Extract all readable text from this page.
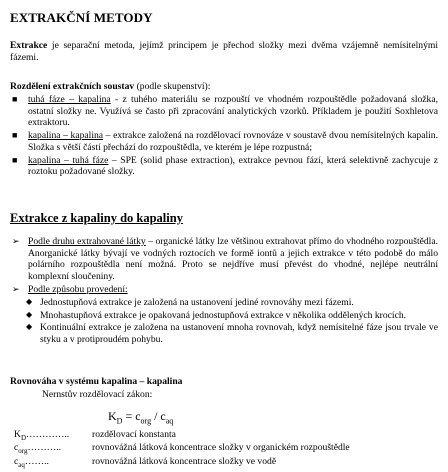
EXTRAKČNÍ METODY
Extrakce je separační metoda, jejímž principem je přechod složky mezi dvěma vzájemně nemísitelnými fázemi.
Rozdělení extrakčních soustav (podle skupenství):
■ tuhá fáze – kapalina - z tuhého materiálu se rozpouští ve vhodném rozpouštědle požadovaná složka, ostatní složky ne. Využívá se často při zpracování analytických vzorků. Příkladem je použití Soxhletova extraktoru.
■ kapalina – kapalina – extrakce založená na rozdělovací rovnováze v soustavě dvou nemísitelných kapalin. Složka s větší částí přechází do rozpouštědla, ve kterém je lépe rozpustná;
■ kapalina – tuhá fáze – SPE (solid phase extraction), extrakce pevnou fází, která selektivně zachycuje z roztoku požadované složky.
Extrakce z kapaliny do kapaliny
➢ Podle druhu extrahované látky – organické látky lze většinou extrahovat přímo do vhodného rozpouštědla. Anorganické látky bývají ve vodných roztocích ve formě iontů a jejich extrakce v této podobě do málo polárního rozpouštědla není možná. Proto se nejdříve musí převést do vhodné, nejlépe neutrální komplexní sloučeniny.
➢ Podle způsobu provedení:
◆ Jednostupňová extrakce je založená na ustanovení jediné rovnováhy mezi fázemi.
◆ Mnohastupňová extrakce je opakovaná jednostupňová extrakce v několika oddělených krocích.
◆ Kontinuální extrakce je založena na ustanovení mnoha rovnovah, když nemísitelné fáze jsou trvale ve styku a v protiproudém pohybu.
Rovnováha v systému kapalina – kapalina
Nernstův rozdělovací zákon:
$K_D = c_{org} / c_{aq}$
$K_D\dots\dots\dots\dots$..	rozdělovací konstanta
$c_{org}\dots\dots\dots$..	rovnovážná látková koncentrace složky v organickém rozpouštědle
$c_{aq}\dots\dots$..	rovnovážná látková koncentrace složky ve vodě
